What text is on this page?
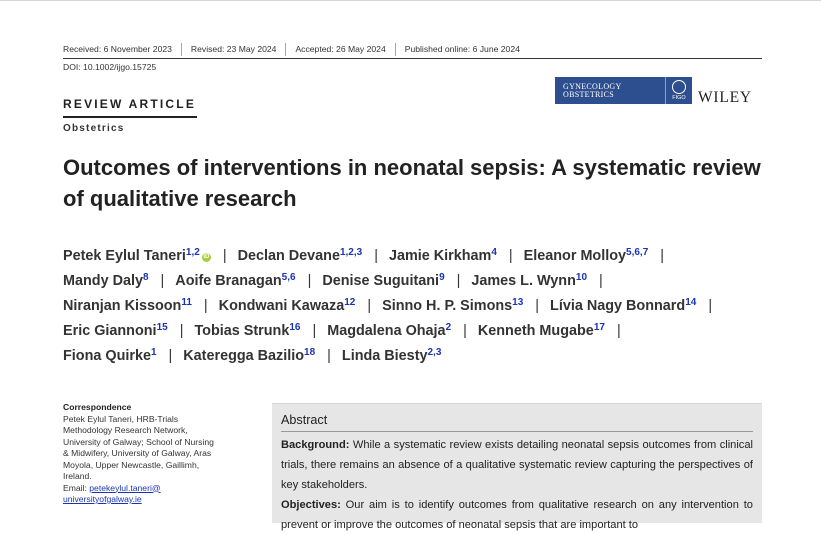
Received: 6 November 2023	Revised: 23 May 2024	Accepted: 26 May 2024	Published online: 6 June 2024
DOI: 10.1002/ijgo.15725
REVIEW ARTICLE
Obstetrics
GYNECOLOGY
OBSTETRICS	FIGO WILEY
Outcomes of interventions in neonatal sepsis: A systematic review of qualitative research
Petek Eylul Taneri$^{1,2}$ iD | Declan Devane$^{1,2,3}$ | Jamie Kirkham$^4$ | Eleanor Molloy$^{5,6,7}$ |
Mandy Daly$^8$ | Aoife Branagan$^{5,6}$ | Denise Suguitani$^9$ | James L. Wynn$^{10}$ |
Niranjan Kissoon$^{11}$ | Kondwani Kawaza$^{12}$ | Sinno H. P. Simons$^{13}$ | Lívia Nagy Bonnard$^{14}$ |
Eric Giannoni$^{15}$ | Tobias Strunk$^{16}$ | Magdalena Ohaja$^2$ | Kenneth Mugabe$^{17}$ |
Fiona Quirke$^1$ | Kateregga Bazilio$^{18}$ | Linda Biesty$^{2,3}$
Correspondence
Petek Eylul Taneri, HRB-Trials
Methodology Research Network,
University of Galway; School of Nursing
& Midwifery, University of Galway, Aras
Moyola, Upper Newcastle, Gaillimh,
Ireland.
Email: petekeylul.taneri@
universityofgalway.ie
Abstract
Background: While a systematic review exists detailing neonatal sepsis outcomes from clinical trials, there remains an absence of a qualitative systematic review capturing the perspectives of key stakeholders.
Objectives: Our aim is to identify outcomes from qualitative research on any intervention to prevent or improve the outcomes of neonatal sepsis that are important to
